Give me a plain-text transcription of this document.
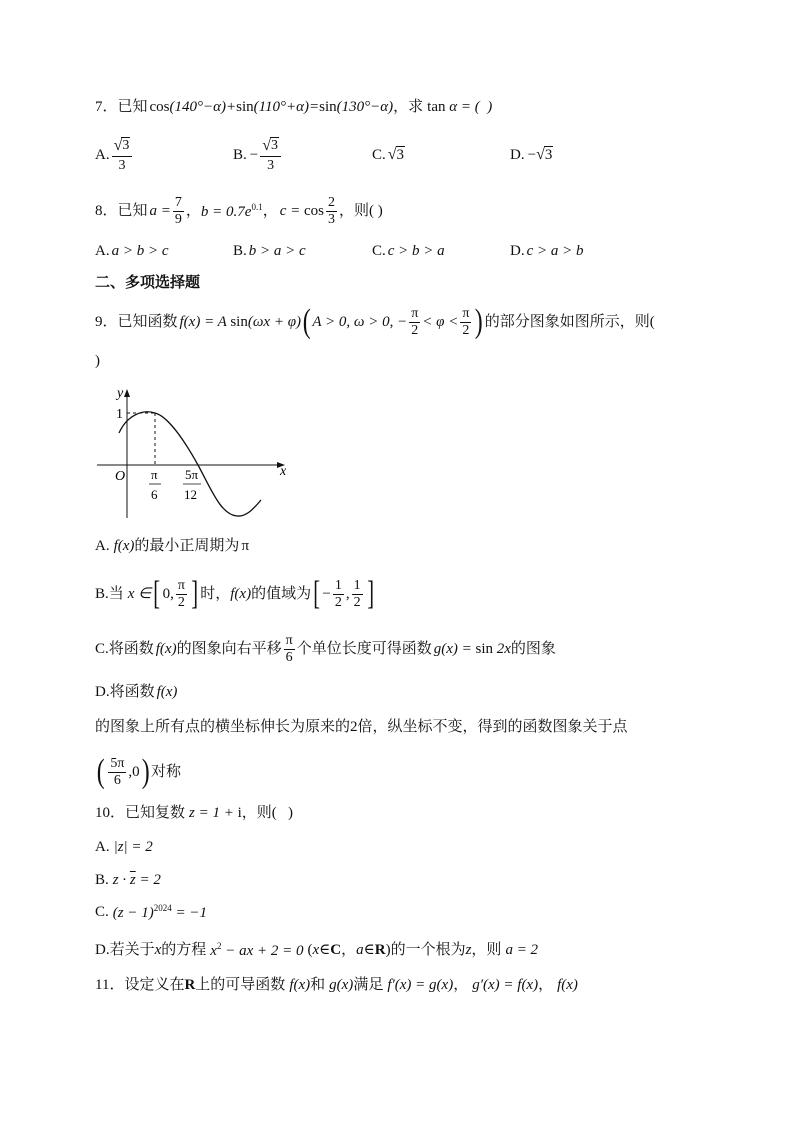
7．已知 cos(140°−α)+sin(110°+α)=sin(130°−α) ，求 tan α = (  )
A. $\frac{√ 3}{3}$	B. − $\frac{√ 3}{3}$	C. √ 3	D. − √ 3
8．已知 $a = \frac{7}{9}$ ， $b = 0.7e^{0.1}$ ， $c = \cos \frac{2}{3}$ ，则( )
A. a > b > c	B. b > a > c	C. c > b > a	D. c > a > b
二、多项选择题
9．已知函数 f(x) = A sin(ωx + φ) ( A > 0, ω > 0, − $\frac{\pi}{2} < \varphi < \frac{\pi}{2}$ ) 的部分图象如图所示，则(
)
y
x
1
O π
6
5π
12
A. f(x) 的最小正周期为 π
B.当 x ∈ [ 0, $\frac{\pi}{2}$ ] 时， f(x) 的值域为 [ − $\frac{1}{2}$ , $\frac{1}{2}$ ]
C.将函数 f(x) 的图象向右平移 $\frac{\pi}{6}$ 个单位长度可得函数 g(x) = sin 2x 的图象
D.将函数 f(x)
的图象上所有点的横坐标伸长为原来的2倍，纵坐标不变，得到的函数图象关于点
( $\frac{5\pi}{6} ,0$ ) 对称
10．已知复数 z = 1 + i ，则(   )
A. |z| = 2
B. $z \cdot \overline{z} = 2$
C. $(z - 1)^{2024} = -1$
D.若关于 x 的方程 $x^2$ − ax + 2 = 0 ( x ∈ C ， a ∈ R )的一个根为 z ，则 a = 2
11．设定义在 R 上的可导函数 f(x) 和 g(x) 满足 f′(x) = g(x) ， g′(x) = f(x) ， f(x)
